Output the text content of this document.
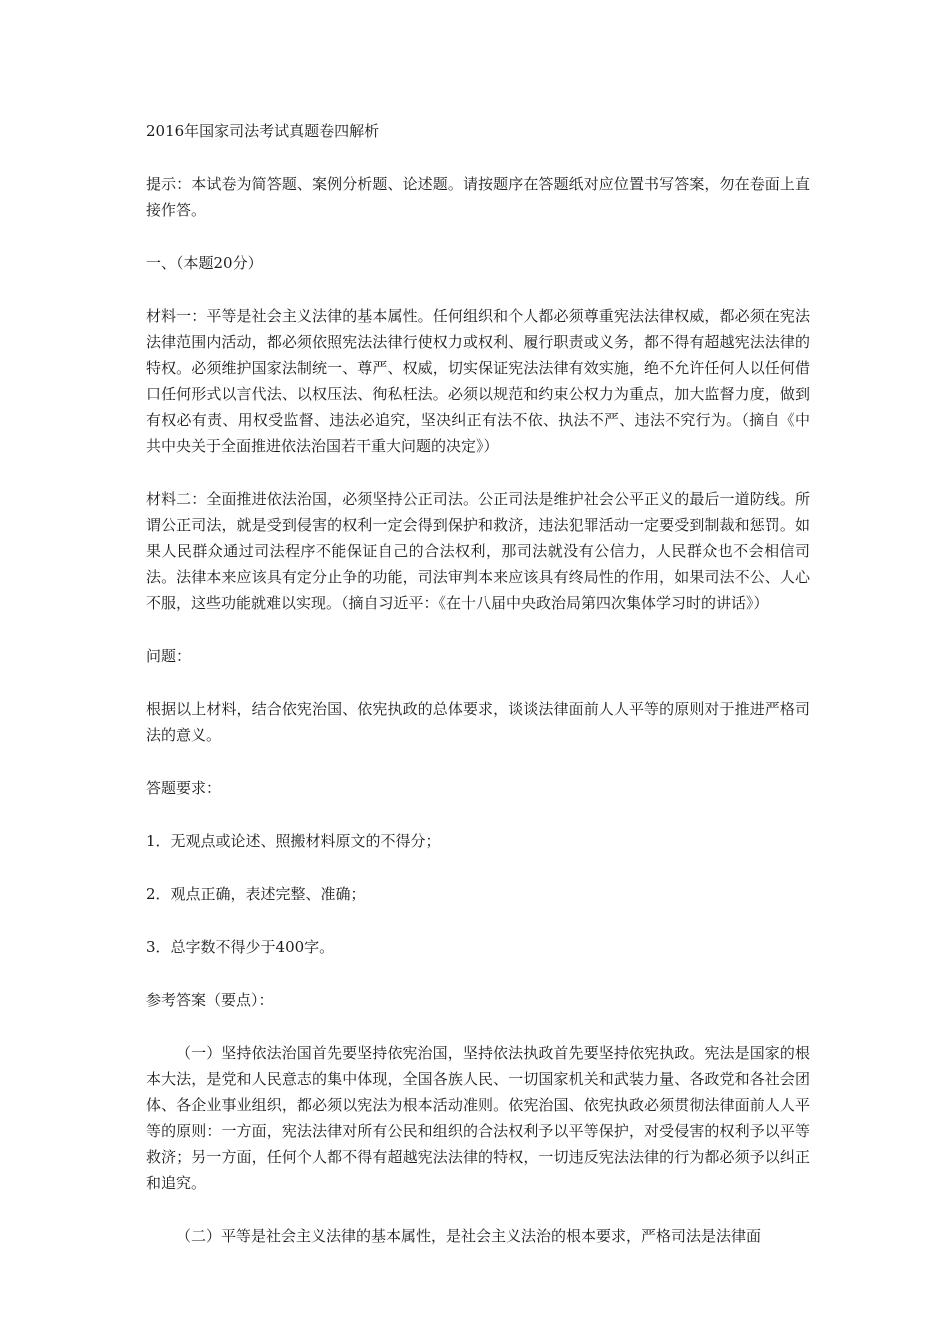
2016年国家司法考试真题卷四解析

提示：本试卷为简答题、案例分析题、论述题。请按题序在答题纸对应位置书写答案，勿在卷面上直接作答。

一、（本题20分）

材料一：平等是社会主义法律的基本属性。任何组织和个人都必须尊重宪法法律权威，都必须在宪法法律范围内活动，都必须依照宪法法律行使权力或权利、履行职责或义务，都不得有超越宪法法律的特权。必须维护国家法制统一、尊严、权威，切实保证宪法法律有效实施，绝不允许任何人以任何借口任何形式以言代法、以权压法、徇私枉法。必须以规范和约束公权力为重点，加大监督力度，做到有权必有责、用权受监督、违法必追究，坚决纠正有法不依、执法不严、违法不究行为。（摘自《中共中央关于全面推进依法治国若干重大问题的决定》）

材料二：全面推进依法治国，必须坚持公正司法。公正司法是维护社会公平正义的最后一道防线。所谓公正司法，就是受到侵害的权利一定会得到保护和救济，违法犯罪活动一定要受到制裁和惩罚。如果人民群众通过司法程序不能保证自己的合法权利，那司法就没有公信力，人民群众也不会相信司法。法律本来应该具有定分止争的功能，司法审判本来应该具有终局性的作用，如果司法不公、人心不服，这些功能就难以实现。（摘自习近平：《在十八届中央政治局第四次集体学习时的讲话》）

问题：

根据以上材料，结合依宪治国、依宪执政的总体要求，谈谈法律面前人人平等的原则对于推进严格司法的意义。

答题要求：

1．无观点或论述、照搬材料原文的不得分；

2．观点正确，表述完整、准确；

3．总字数不得少于400字。

参考答案（要点）：

（一）坚持依法治国首先要坚持依宪治国，坚持依法执政首先要坚持依宪执政。宪法是国家的根本大法，是党和人民意志的集中体现，全国各族人民、一切国家机关和武装力量、各政党和各社会团体、各企业事业组织，都必须以宪法为根本活动准则。依宪治国、依宪执政必须贯彻法律面前人人平等的原则：一方面，宪法法律对所有公民和组织的合法权利予以平等保护，对受侵害的权利予以平等救济；另一方面，任何个人都不得有超越宪法法律的特权，一切违反宪法法律的行为都必须予以纠正和追究。

（二）平等是社会主义法律的基本属性，是社会主义法治的根本要求，严格司法是法律面
